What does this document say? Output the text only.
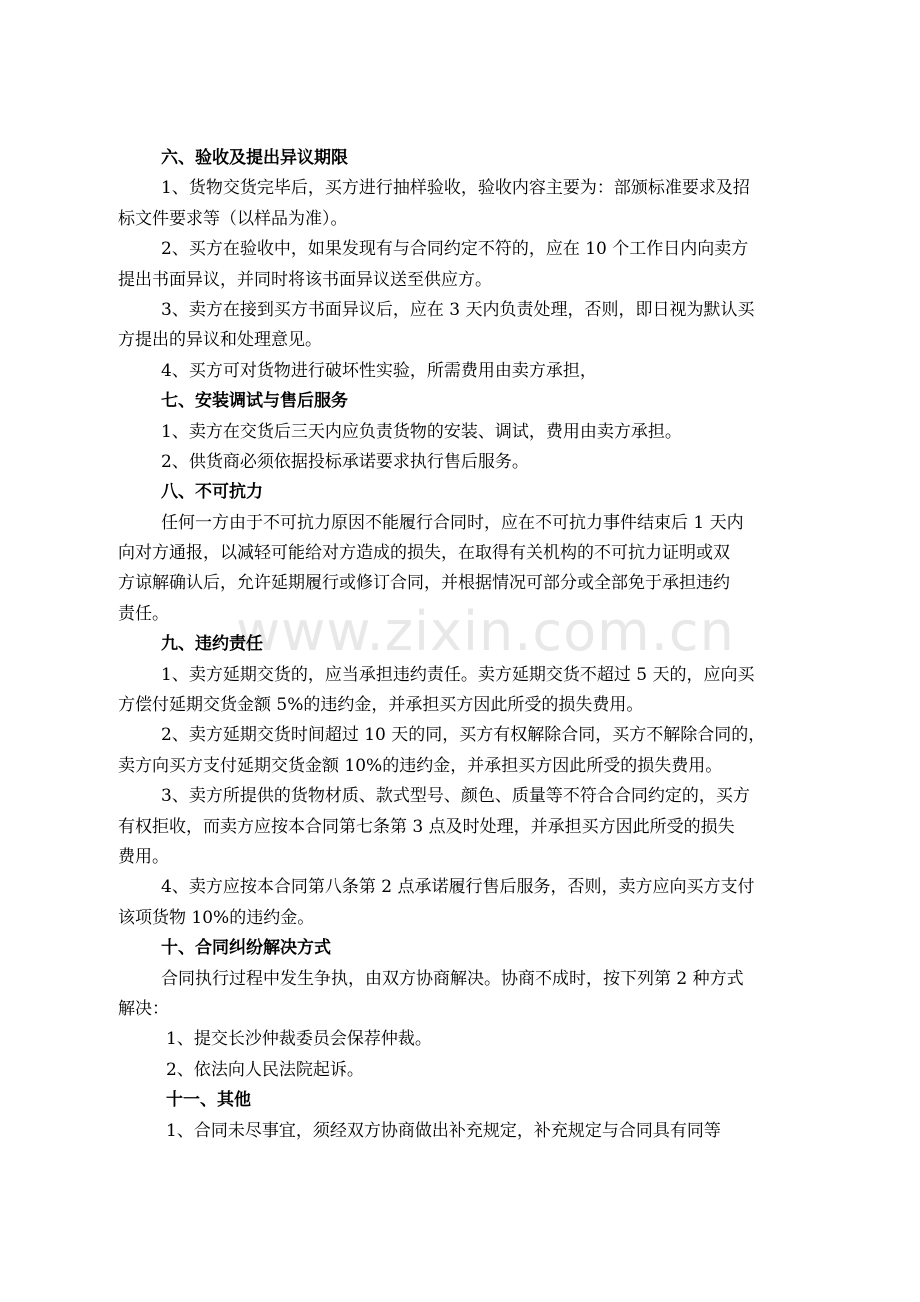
www.zixin.com.cn
六、验收及提出异议期限
1、货物交货完毕后，买方进行抽样验收，验收内容主要为：部颁标准要求及招
标文件要求等（以样品为准）。
2、买方在验收中，如果发现有与合同约定不符的，应在 10 个工作日内向卖方
提出书面异议，并同时将该书面异议送至供应方。
3、卖方在接到买方书面异议后，应在 3 天内负责处理，否则，即日视为默认买
方提出的异议和处理意见。
4、买方可对货物进行破坏性实验，所需费用由卖方承担，
七、安装调试与售后服务
1、卖方在交货后三天内应负责货物的安装、调试，费用由卖方承担。
2、供货商必须依据投标承诺要求执行售后服务。
八、不可抗力
任何一方由于不可抗力原因不能履行合同时，应在不可抗力事件结束后 1 天内
向对方通报，以减轻可能给对方造成的损失，在取得有关机构的不可抗力证明或双
方谅解确认后，允许延期履行或修订合同，并根据情况可部分或全部免于承担违约
责任。
九、违约责任
1、卖方延期交货的，应当承担违约责任。卖方延期交货不超过 5 天的，应向买
方偿付延期交货金额 5%的违约金，并承担买方因此所受的损失费用。
2、卖方延期交货时间超过 10 天的同，买方有权解除合同，买方不解除合同的，
卖方向买方支付延期交货金额 10%的违约金，并承担买方因此所受的损失费用。
3、卖方所提供的货物材质、款式型号、颜色、质量等不符合合同约定的，买方
有权拒收，而卖方应按本合同第七条第 3 点及时处理，并承担买方因此所受的损失
费用。
4、卖方应按本合同第八条第 2 点承诺履行售后服务，否则，卖方应向买方支付
该项货物 10%的违约金。
十、合同纠纷解决方式
合同执行过程中发生争执，由双方协商解决。协商不成时，按下列第 2 种方式
解决：
1、提交长沙仲裁委员会保荐仲裁。
2、依法向人民法院起诉。
十一、其他
1、合同未尽事宜，须经双方协商做出补充规定，补充规定与合同具有同等
